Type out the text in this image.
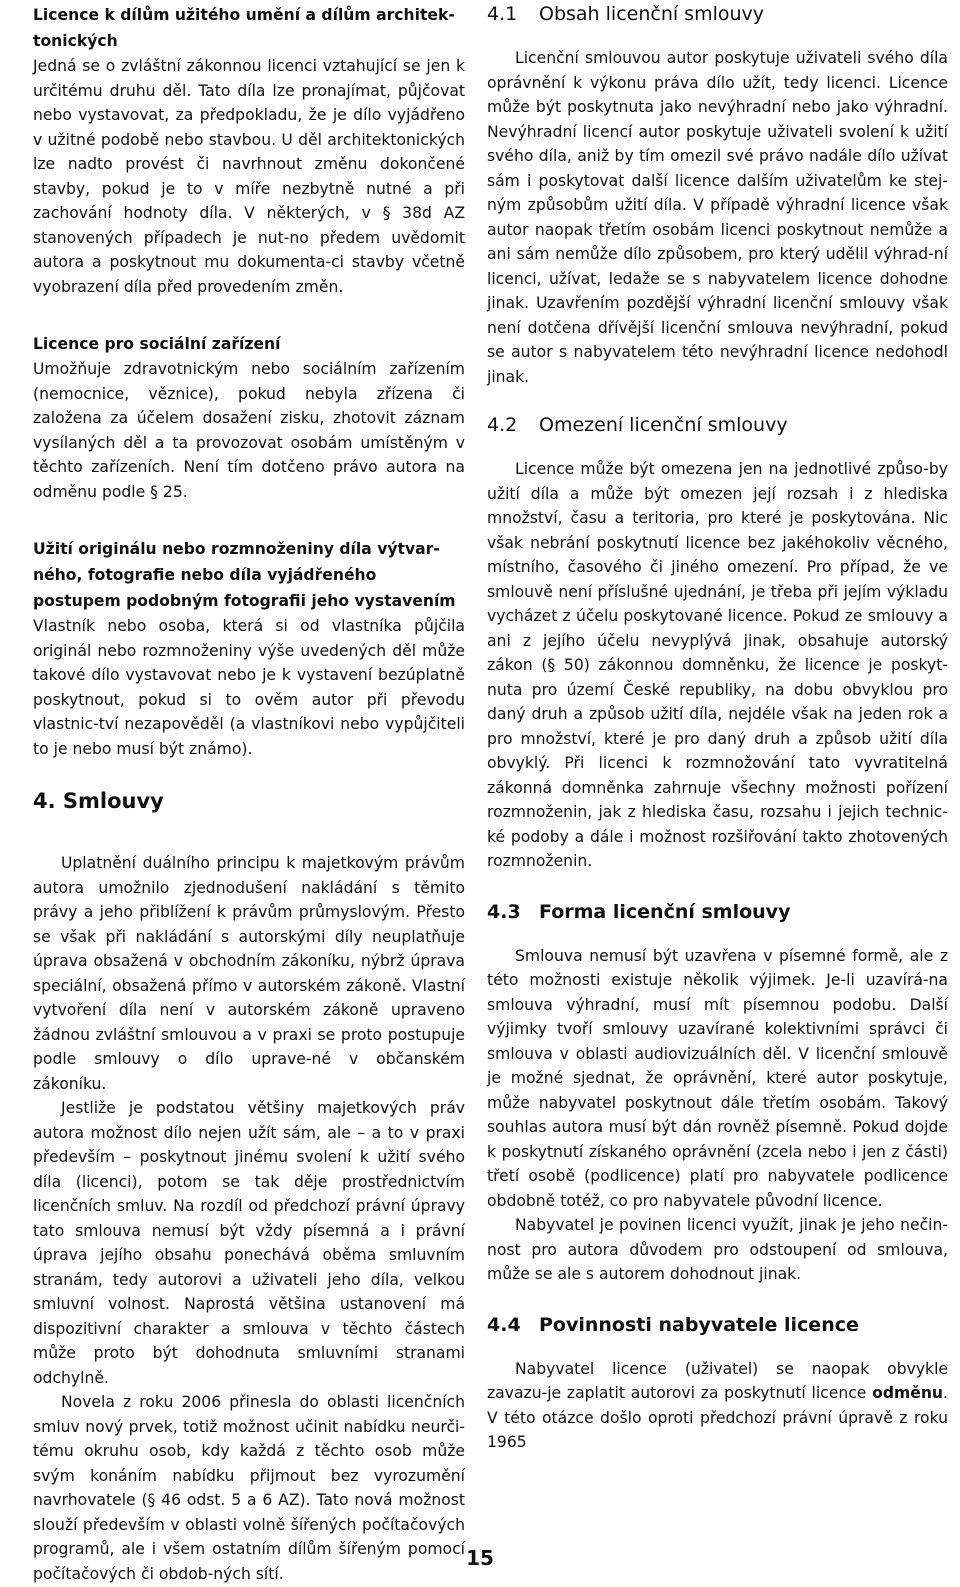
Licence k dílům užitého umění a dílům architek-tonických

Jedná se o zvláštní zákonnou licenci vztahující se jen k určitému druhu děl. Tato díla lze pronajímat, půjčovat nebo vystavovat, za předpokladu, že je dílo vyjádřeno v užitné podobě nebo stavbou. U děl architektonických lze nadto provést či navrhnout změnu dokončené stavby, pokud je to v míře nezbytně nutné a při zachování hodnoty díla. V některých, v § 38d AZ stanovených případech je nut-no předem uvědomit autora a poskytnout mu dokumenta-ci stavby včetně vyobrazení díla před provedením změn.

Licence pro sociální zařízení

Umožňuje zdravotnickým nebo sociálním zařízením (nemocnice, věznice), pokud nebyla zřízena či založena za účelem dosažení zisku, zhotovit záznam vysílaných děl a ta provozovat osobám umístěným v těchto zařízeních. Není tím dotčeno právo autora na odměnu podle § 25.

Užití originálu nebo rozmnoženiny díla výtvar-ného, fotografie nebo díla vyjádřeného postupem podobným fotografii jeho vystavením

Vlastník nebo osoba, která si od vlastníka půjčila originál nebo rozmnoženiny výše uvedených děl může takové dílo vystavovat nebo je k vystavení bezúplatně poskytnout, pokud si to ověm autor při převodu vlastnic-tví nezapověděl (a vlastníkovi nebo vypůjčiteli to je nebo musí být známo).

4. Smlouvy

Uplatnění duálního principu k majetkovým právům autora umožnilo zjednodušení nakládání s těmito právy a jeho přiblížení k právům průmyslovým. Přesto se však při nakládání s autorskými díly neuplatňuje úprava obsažená v obchodním zákoníku, nýbrž úprava speciální, obsažená přímo v autorském zákoně. Vlastní vytvoření díla není v autorském zákoně upraveno žádnou zvláštní smlouvou a v praxi se proto postupuje podle smlouvy o dílo uprave-né v občanském zákoníku.

Jestliže je podstatou většiny majetkových práv autora možnost dílo nejen užít sám, ale – a to v praxi především – poskytnout jinému svolení k užití svého díla (licenci), potom se tak děje prostřednictvím licenčních smluv. Na rozdíl od předchozí právní úpravy tato smlouva nemusí být vždy písemná a i právní úprava jejího obsahu ponechává oběma smluvním stranám, tedy autorovi a uživateli jeho díla, velkou smluvní volnost. Naprostá většina ustanovení má dispozitivní charakter a smlouva v těchto částech může proto být dohodnuta smluvními stranami odchylně.

Novela z roku 2006 přinesla do oblasti licenčních smluv nový prvek, totiž možnost učinit nabídku neurči-tému okruhu osob, kdy každá z těchto osob může svým konáním nabídku přijmout bez vyrozumění navrhovatele (§ 46 odst. 5 a 6 AZ). Tato nová možnost slouží především v oblasti volně šířených počítačových programů, ale i všem ostatním dílům šířeným pomocí počítačových či obdob-ných sítí.

4.1 Obsah licenční smlouvy

Licenční smlouvou autor poskytuje uživateli svého díla oprávnění k výkonu práva dílo užít, tedy licenci. Licence může být poskytnuta jako nevýhradní nebo jako výhradní. Nevýhradní licencí autor poskytuje uživateli svolení k užití svého díla, aniž by tím omezil své právo nadále dílo užívat sám i poskytovat další licence dalším uživatelům ke stej-ným způsobům užití díla. V případě výhradní licence však autor naopak třetím osobám licenci poskytnout nemůže a ani sám nemůže dílo způsobem, pro který udělil výhrad-ní licenci, užívat, ledaže se s nabyvatelem licence dohodne jinak. Uzavřením pozdější výhradní licenční smlouvy však není dotčena dřívější licenční smlouva nevýhradní, pokud se autor s nabyvatelem této nevýhradní licence nedohodl jinak.

4.2 Omezení licenční smlouvy

Licence může být omezena jen na jednotlivé způso-by užití díla a může být omezen její rozsah i z hlediska množství, času a teritoria, pro které je poskytována. Nic však nebrání poskytnutí licence bez jakéhokoliv věcného, místního, časového či jiného omezení. Pro případ, že ve smlouvě není příslušné ujednání, je třeba při jejím výkladu vycházet z účelu poskytované licence. Pokud ze smlouvy a ani z jejího účelu nevyplývá jinak, obsahuje autorský zákon (§ 50) zákonnou domněnku, že licence je poskyt-nuta pro území České republiky, na dobu obvyklou pro daný druh a způsob užití díla, nejdéle však na jeden rok a pro množství, které je pro daný druh a způsob užití díla obvyklý. Při licenci k rozmnožování tato vyvratitelná zákonná domněnka zahrnuje všechny možnosti pořízení rozmnoženin, jak z hlediska času, rozsahu i jejich technic-ké podoby a dále i možnost rozšiřování takto zhotovených rozmnoženin.

4.3 Forma licenční smlouvy

Smlouva nemusí být uzavřena v písemné formě, ale z této možnosti existuje několik výjimek. Je-li uzavírá-na smlouva výhradní, musí mít písemnou podobu. Další výjimky tvoří smlouvy uzavírané kolektivními správci či smlouva v oblasti audiovizuálních děl. V licenční smlouvě je možné sjednat, že oprávnění, které autor poskytuje, může nabyvatel poskytnout dále třetím osobám. Takový souhlas autora musí být dán rovněž písemně. Pokud dojde k poskytnutí získaného oprávnění (zcela nebo i jen z části) třetí osobě (podlicence) platí pro nabyvatele podlicence obdobně totéž, co pro nabyvatele původní licence.

Nabyvatel je povinen licenci využít, jinak je jeho nečin-nost pro autora důvodem pro odstoupení od smlouva, může se ale s autorem dohodnout jinak.

4.4 Povinnosti nabyvatele licence

Nabyvatel licence (uživatel) se naopak obvykle zavazu-je zaplatit autorovi za poskytnutí licence odměnu. V této otázce došlo oproti předchozí právní úpravě z roku 1965

15
